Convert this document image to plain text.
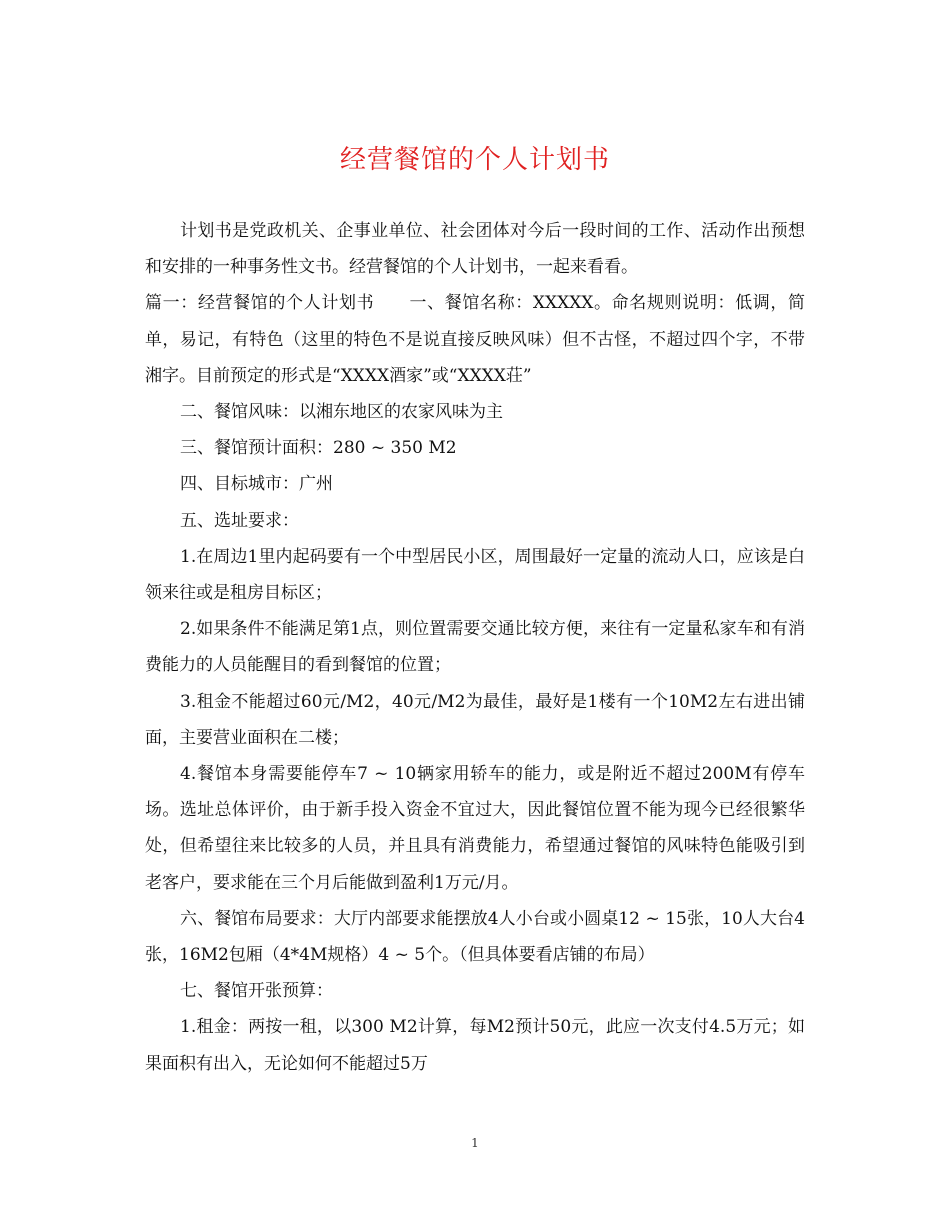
经营餐馆的个人计划书

计划书是党政机关、企事业单位、社会团体对今后一段时间的工作、活动作出预想和安排的一种事务性文书。经营餐馆的个人计划书，一起来看看。

篇一：经营餐馆的个人计划书　　一、餐馆名称：XXXXX。命名规则说明：低调，简单，易记，有特色（这里的特色不是说直接反映风味）但不古怪，不超过四个字，不带湘字。目前预定的形式是“XXXX酒家”或“XXXX荘”

二、餐馆风味：以湘东地区的农家风味为主

三、餐馆预计面积：280 ~ 350 M2

四、目标城市：广州

五、选址要求：

1.在周边1里内起码要有一个中型居民小区，周围最好一定量的流动人口，应该是白领来往或是租房目标区；

2.如果条件不能满足第1点，则位置需要交通比较方便，来往有一定量私家车和有消费能力的人员能醒目的看到餐馆的位置；

3.租金不能超过60元/M2，40元/M2为最佳，最好是1楼有一个10M2左右进出铺面，主要营业面积在二楼；

4.餐馆本身需要能停车7 ~ 10辆家用轿车的能力，或是附近不超过200M有停车场。选址总体评价，由于新手投入资金不宜过大，因此餐馆位置不能为现今已经很繁华处，但希望往来比较多的人员，并且具有消费能力，希望通过餐馆的风味特色能吸引到老客户，要求能在三个月后能做到盈利1万元/月。

六、餐馆布局要求：大厅内部要求能摆放4人小台或小圆桌12 ~ 15张，10人大台4张，16M2包厢（4*4M规格）4 ~ 5个。（但具体要看店铺的布局）

七、餐馆开张预算：

1.租金：两按一租，以300 M2计算，每M2预计50元，此应一次支付4.5万元；如果面积有出入，无论如何不能超过5万

1
